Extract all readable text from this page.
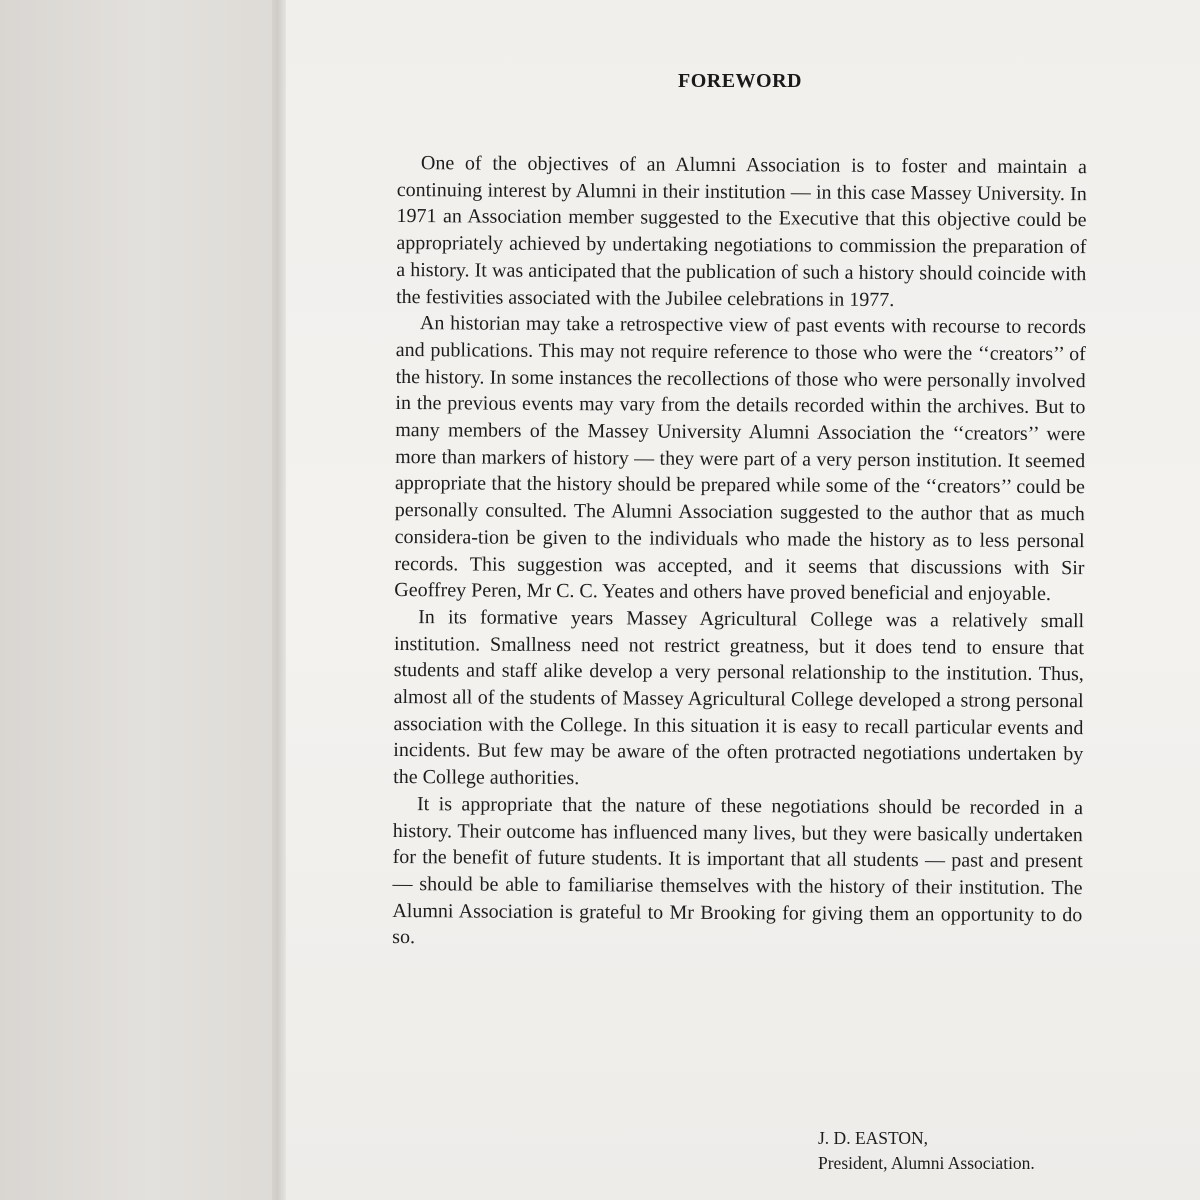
FOREWORD

One of the objectives of an Alumni Association is to foster and maintain a continuing interest by Alumni in their institution — in this case Massey University. In 1971 an Association member suggested to the Executive that this objective could be appropriately achieved by undertaking negotiations to commission the preparation of a history. It was anticipated that the publication of such a history should coincide with the festivities associated with the Jubilee celebrations in 1977.

An historian may take a retrospective view of past events with recourse to records and publications. This may not require reference to those who were the ‘‘creators’’ of the history. In some instances the recollections of those who were personally involved in the previous events may vary from the details recorded within the archives. But to many members of the Massey University Alumni Association the ‘‘creators’’ were more than markers of history — they were part of a very person institution. It seemed appropriate that the history should be prepared while some of the ‘‘creators’’ could be personally consulted. The Alumni Association suggested to the author that as much considera-tion be given to the individuals who made the history as to less personal records. This suggestion was accepted, and it seems that discussions with Sir Geoffrey Peren, Mr C. C. Yeates and others have proved beneficial and enjoyable.

In its formative years Massey Agricultural College was a relatively small institution. Smallness need not restrict greatness, but it does tend to ensure that students and staff alike develop a very personal relationship to the institution. Thus, almost all of the students of Massey Agricultural College developed a strong personal association with the College. In this situation it is easy to recall particular events and incidents. But few may be aware of the often protracted negotiations undertaken by the College authorities.

It is appropriate that the nature of these negotiations should be recorded in a history. Their outcome has influenced many lives, but they were basically undertaken for the benefit of future students. It is important that all students — past and present — should be able to familiarise themselves with the history of their institution. The Alumni Association is grateful to Mr Brooking for giving them an opportunity to do so.

J. D. EASTON,
President, Alumni Association.
